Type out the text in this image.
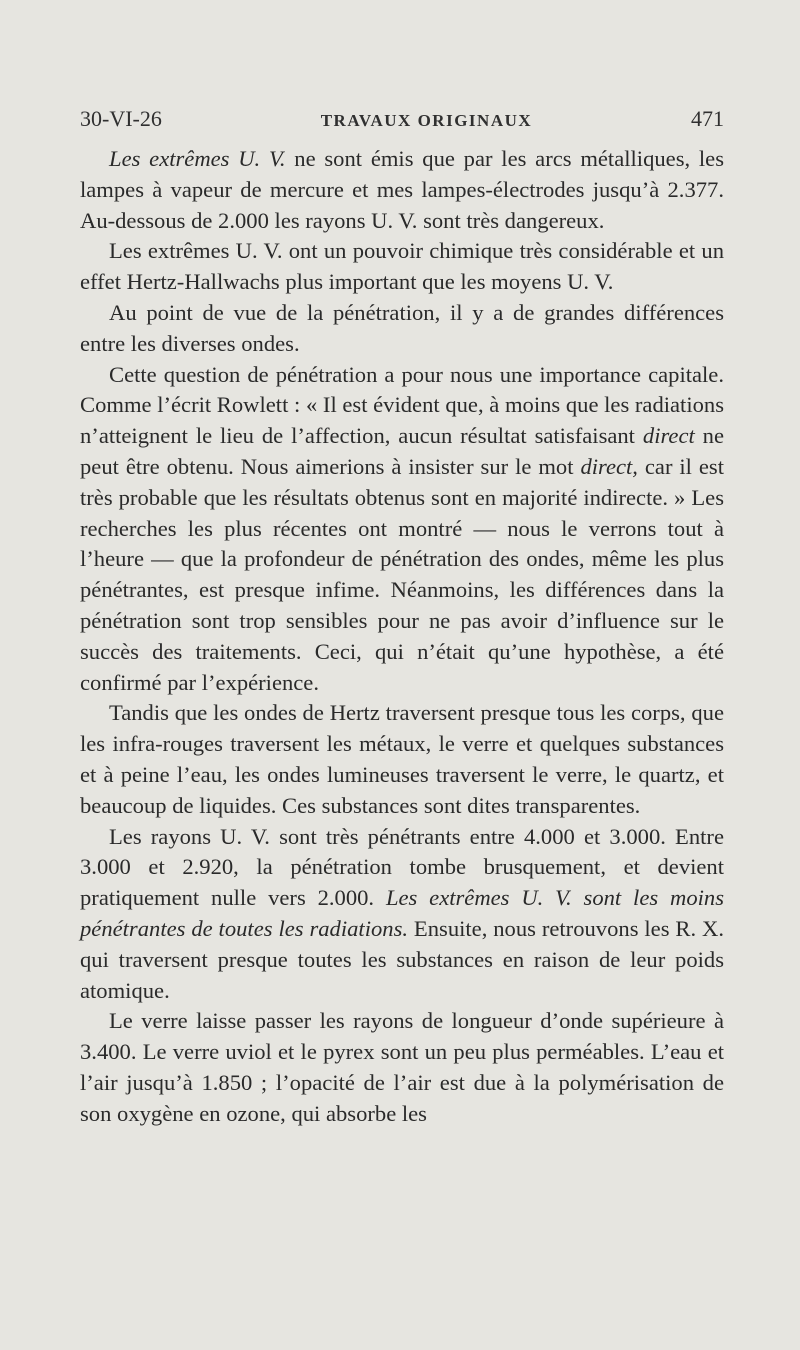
30-VI-26	TRAVAUX ORIGINAUX	471

Les extrêmes U. V. ne sont émis que par les arcs métalliques, les lampes à vapeur de mercure et mes lampes-électrodes jusqu’à 2.377. Au-dessous de 2.000 les rayons U. V. sont très dangereux.

Les extrêmes U. V. ont un pouvoir chimique très considérable et un effet Hertz-Hallwachs plus important que les moyens U. V.

Au point de vue de la pénétration, il y a de grandes différences entre les diverses ondes.

Cette question de pénétration a pour nous une importance capitale. Comme l’écrit Rowlett : « Il est évident que, à moins que les radiations n’atteignent le lieu de l’affection, aucun résultat satisfaisant direct ne peut être obtenu. Nous aimerions à insister sur le mot direct, car il est très probable que les résultats obtenus sont en majorité indirecte. » Les recherches les plus récentes ont montré — nous le verrons tout à l’heure — que la profondeur de pénétration des ondes, même les plus pénétrantes, est presque infime. Néanmoins, les différences dans la pénétration sont trop sensibles pour ne pas avoir d’influence sur le succès des traitements. Ceci, qui n’était qu’une hypothèse, a été confirmé par l’expérience.

Tandis que les ondes de Hertz traversent presque tous les corps, que les infra-rouges traversent les métaux, le verre et quelques substances et à peine l’eau, les ondes lumineuses traversent le verre, le quartz, et beaucoup de liquides. Ces substances sont dites transparentes.

Les rayons U. V. sont très pénétrants entre 4.000 et 3.000. Entre 3.000 et 2.920, la pénétration tombe brusquement, et devient pratiquement nulle vers 2.000. Les extrêmes U. V. sont les moins pénétrantes de toutes les radiations. Ensuite, nous retrouvons les R. X. qui traversent presque toutes les substances en raison de leur poids atomique.

Le verre laisse passer les rayons de longueur d’onde supérieure à 3.400. Le verre uviol et le pyrex sont un peu plus perméables. L’eau et l’air jusqu’à 1.850 ; l’opacité de l’air est due à la polymérisation de son oxygène en ozone, qui absorbe les
